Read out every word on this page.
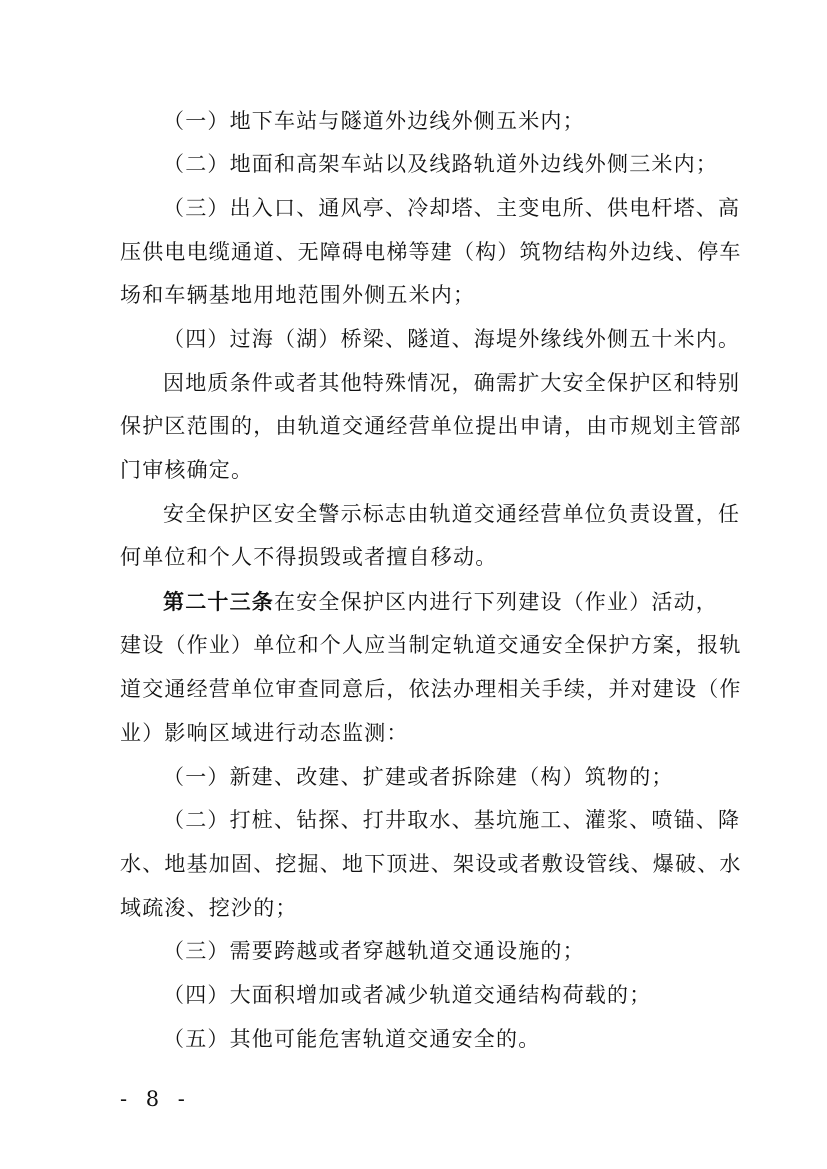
（一）地下车站与隧道外边线外侧五米内；
（二）地面和高架车站以及线路轨道外边线外侧三米内；
（三）出入口、通风亭、冷却塔、主变电所、供电杆塔、高
压供电电缆通道、无障碍电梯等建（构）筑物结构外边线、停车
场和车辆基地用地范围外侧五米内；
（四）过海（湖）桥梁、隧道、海堤外缘线外侧五十米内。
因地质条件或者其他特殊情况，确需扩大安全保护区和特别
保护区范围的，由轨道交通经营单位提出申请，由市规划主管部
门审核确定。
安全保护区安全警示标志由轨道交通经营单位负责设置，任
何单位和个人不得损毁或者擅自移动。
第二十三条在安全保护区内进行下列建设（作业）活动，
建设（作业）单位和个人应当制定轨道交通安全保护方案，报轨
道交通经营单位审查同意后，依法办理相关手续，并对建设（作
业）影响区域进行动态监测：
（一）新建、改建、扩建或者拆除建（构）筑物的；
（二）打桩、钻探、打井取水、基坑施工、灌浆、喷锚、降
水、地基加固、挖掘、地下顶进、架设或者敷设管线、爆破、水
域疏浚、挖沙的；
（三）需要跨越或者穿越轨道交通设施的；
（四）大面积增加或者减少轨道交通结构荷载的；
（五）其他可能危害轨道交通安全的。
- 8 -
